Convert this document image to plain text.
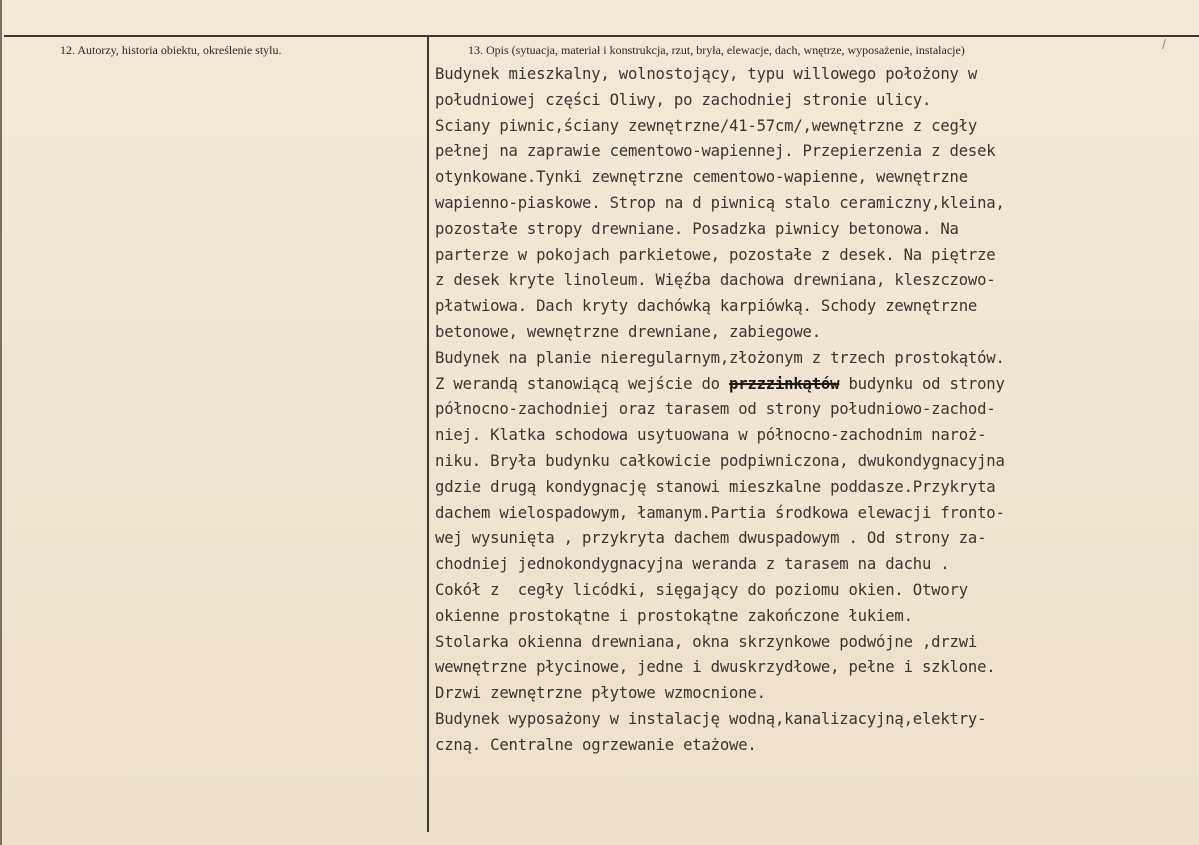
/
12. Autorzy, historia obiektu, określenie stylu.	13. Opis (sytuacja, materiał i konstrukcja, rzut, bryła, elewacje, dach, wnętrze, wyposażenie, instalacje)
Budynek mieszkalny, wolnostojący, typu willowego położony w
południowej części Oliwy, po zachodniej stronie ulicy.
Sciany piwnic,ściany zewnętrzne/41-57cm/,wewnętrzne z cegły
pełnej na zaprawie cementowo-wapiennej. Przepierzenia z desek
otynkowane.Tynki zewnętrzne cementowo-wapienne, wewnętrzne
wapienno-piaskowe. Strop na d piwnicą stalo ceramiczny,kleina,
pozostałe stropy drewniane. Posadzka piwnicy betonowa. Na
parterze w pokojach parkietowe, pozostałe z desek. Na piętrze
z desek kryte linoleum. Więźba dachowa drewniana, kleszczowo-
płatwiowa. Dach kryty dachówką karpiówką. Schody zewnętrzne
betonowe, wewnętrzne drewniane, zabiegowe.
Budynek na planie nieregularnym,złożonym z trzech prostokątów.
Z werandą stanowiącą wejście do przzzinkątów budynku od strony
północno-zachodniej oraz tarasem od strony południowo-zachod-
niej. Klatka schodowa usytuowana w północno-zachodnim naroż-
niku. Bryła budynku całkowicie podpiwniczona, dwukondygnacyjna
gdzie drugą kondygnację stanowi mieszkalne poddasze.Przykryta
dachem wielospadowym, łamanym.Partia środkowa elewacji fronto-
wej wysunięta , przykryta dachem dwuspadowym . Od strony za-
chodniej jednokondygnacyjna weranda z tarasem na dachu .
Cokół z  cegły licódki, sięgający do poziomu okien. Otwory
okienne prostokątne i prostokątne zakończone łukiem.
Stolarka okienna drewniana, okna skrzynkowe podwójne ,drzwi
wewnętrzne płycinowe, jedne i dwuskrzydłowe, pełne i szklone.
Drzwi zewnętrzne płytowe wzmocnione.
Budynek wyposażony w instalację wodną,kanalizacyjną,elektry-
czną. Centralne ogrzewanie etażowe.
